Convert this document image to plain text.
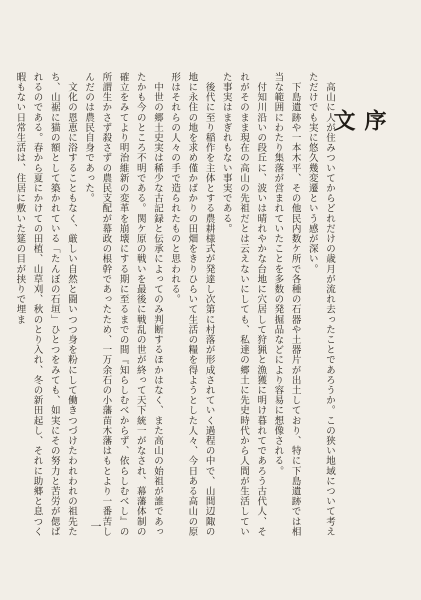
序　文

　高山に人が住みついてからどれだけの歳月が流れ去ったことであろうか。この狭い地域について考えただけでも実に悠久幾変遷という感が深い。

　下島遺跡や一本木平、その他民内数ケ所で各種の石器や土器片が出土しており、特に下島遺跡では相当な範囲にわたり集落が営まれていたことを多数の発掘品などにより容易に想像される。

　付知川沿いの段丘に、波いは晴れやかな台地に穴居して狩猟と漁獲に明け暮れてであろう古代人、それがそのまま現在の高山の先祖だとは云えないにしても、私達の郷土に先史時代から人間が生活していた事実はまぎれもない事実である。

　後代に至り稲作を主体とする農耕様式が発達し次第に村落が形成されていく過程の中で、山間辺陬の地に永住の地を求め僅かばかりの田畑をきりひらいて生活の糧を得ようとした人々、今日ある高山の原形はそれらの人々の手で造られたものと思われる。

　中世の郷土史実は稀少な古記録と伝承によってのみ判断するほかはなく、また高山の始祖が誰であったかも今のところ不明である。関ケ原の戦いを最後に戦乱の世が終って天下統一がなされ、幕藩体制の確立をみてより明治維新の変革を崩壊にする期に至るまでの間『知らしむべからず、依らしむべし』の所謂生かさず殺さずの農民支配が幕政の根幹であったため、一万余石の小藩苗木藩はもとより一番苦しんだのは農民自身であった。

　文化の恩恵に浴することもなく、厳しい自然と闘いつつ身を粉にして働きつづけたわれわれの祖先たち、山裾に猫の額として築かれている「たんぼの石垣」ひとつをみても、如実にその努力と苦労が偲ばれるのである。春から夏にかけての田植、山草刈、秋のとり入れ、冬の新田起し、それに助郷と息つく暇もない日常生活は、住居に敷いた筵の目が挟りで埋ま

一
